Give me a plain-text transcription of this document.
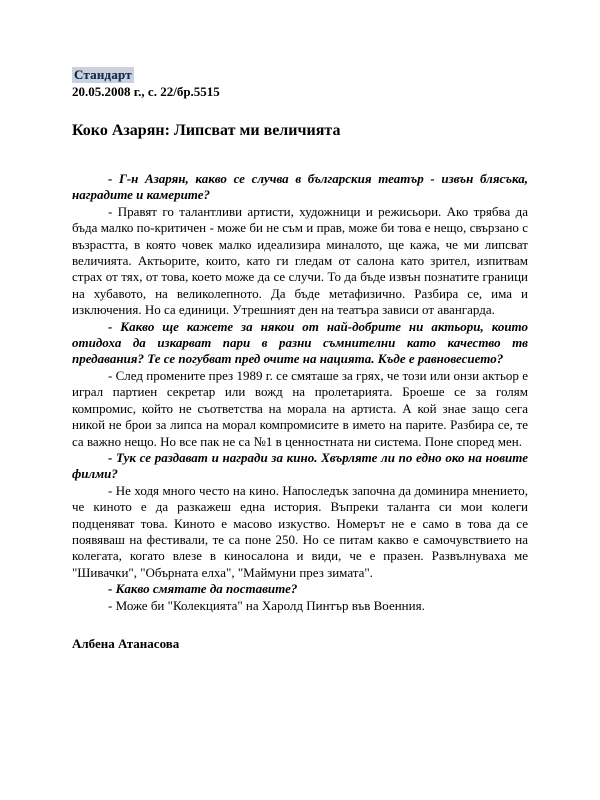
Стандарт
20.05.2008 г., с. 22/бр.5515
Коко Азарян: Липсват ми величията

- Г-н Азарян, какво се случва в българския театър - извън блясъка, наградите и камерите?

- Правят го талантливи артисти, художници и режисьори. Ако трябва да бъда малко по-критичен - може би не съм и прав, може би това е нещо, свързано с възрастта, в която човек малко идеализира миналото, ще кажа, че ми липсват величията. Актьорите, които, като ги гледам от салона като зрител, изпитвам страх от тях, от това, което може да се случи. То да бъде извън познатите граници на хубавото, на великолепното. Да бъде метафизично. Разбира се, има и изключения. Но са единици. Утрешният ден на театъра зависи от авангарда.

- Какво ще кажете за някои от най-добрите ни актьори, които отидоха да изкарват пари в разни съмнителни като качество тв предавания? Те се погубват пред очите на нацията. Къде е равновесието?

- След промените през 1989 г. се смяташе за грях, че този или онзи актьор е играл партиен секретар или вожд на пролетарията. Броеше се за голям компромис, който не съответства на морала на артиста. А кой знае защо сега никой не брои за липса на морал компромисите в името на парите. Разбира се, те са важно нещо. Но все пак не са №1 в ценностната ни система. Поне според мен.

- Тук се раздават и награди за кино. Хвърляте ли по едно око на новите филми?

- Не ходя много често на кино. Напоследък започна да доминира мнението, че киното е да разкажеш една история. Въпреки таланта си мои колеги подценяват това. Киното е масово изкуство. Номерът не е само в това да се появяваш на фестивали, те са поне 250. Но се питам какво е самочувствието на колегата, когато влезе в киносалона и види, че е празен. Развълнуваха ме "Шивачки", "Обърната елха", "Маймуни през зимата".

- Какво смятате да поставите?

- Може би "Колекцията" на Харолд Пинтър във Военния.

Албена Атанасова
